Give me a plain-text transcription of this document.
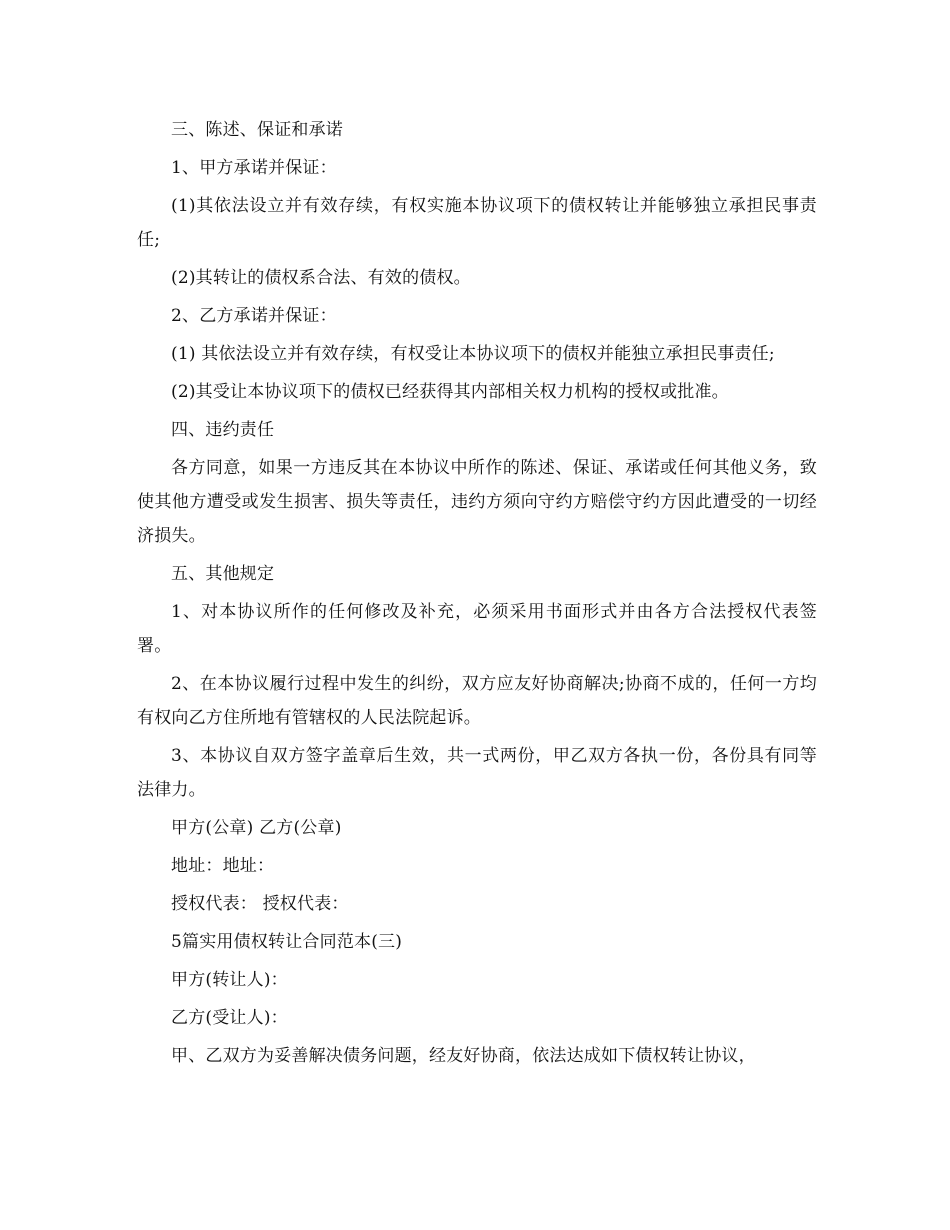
三、陈述、保证和承诺

1、甲方承诺并保证：

(1)其依法设立并有效存续，有权实施本协议项下的债权转让并能够独立承担民事责任;

(2)其转让的债权系合法、有效的债权。

2、乙方承诺并保证：

(1) 其依法设立并有效存续，有权受让本协议项下的债权并能独立承担民事责任;

(2)其受让本协议项下的债权已经获得其内部相关权力机构的授权或批准。

四、违约责任

各方同意，如果一方违反其在本协议中所作的陈述、保证、承诺或任何其他义务，致使其他方遭受或发生损害、损失等责任，违约方须向守约方赔偿守约方因此遭受的一切经济损失。

五、其他规定

1、对本协议所作的任何修改及补充，必须采用书面形式并由各方合法授权代表签署。

2、在本协议履行过程中发生的纠纷，双方应友好协商解决;协商不成的，任何一方均有权向乙方住所地有管辖权的人民法院起诉。

3、本协议自双方签字盖章后生效，共一式两份，甲乙双方各执一份，各份具有同等法律力。

甲方(公章) 乙方(公章)

地址：地址：

授权代表： 授权代表：

5篇实用债权转让合同范本(三)

甲方(转让人)：

乙方(受让人)：

甲、乙双方为妥善解决债务问题，经友好协商，依法达成如下债权转让协议，
